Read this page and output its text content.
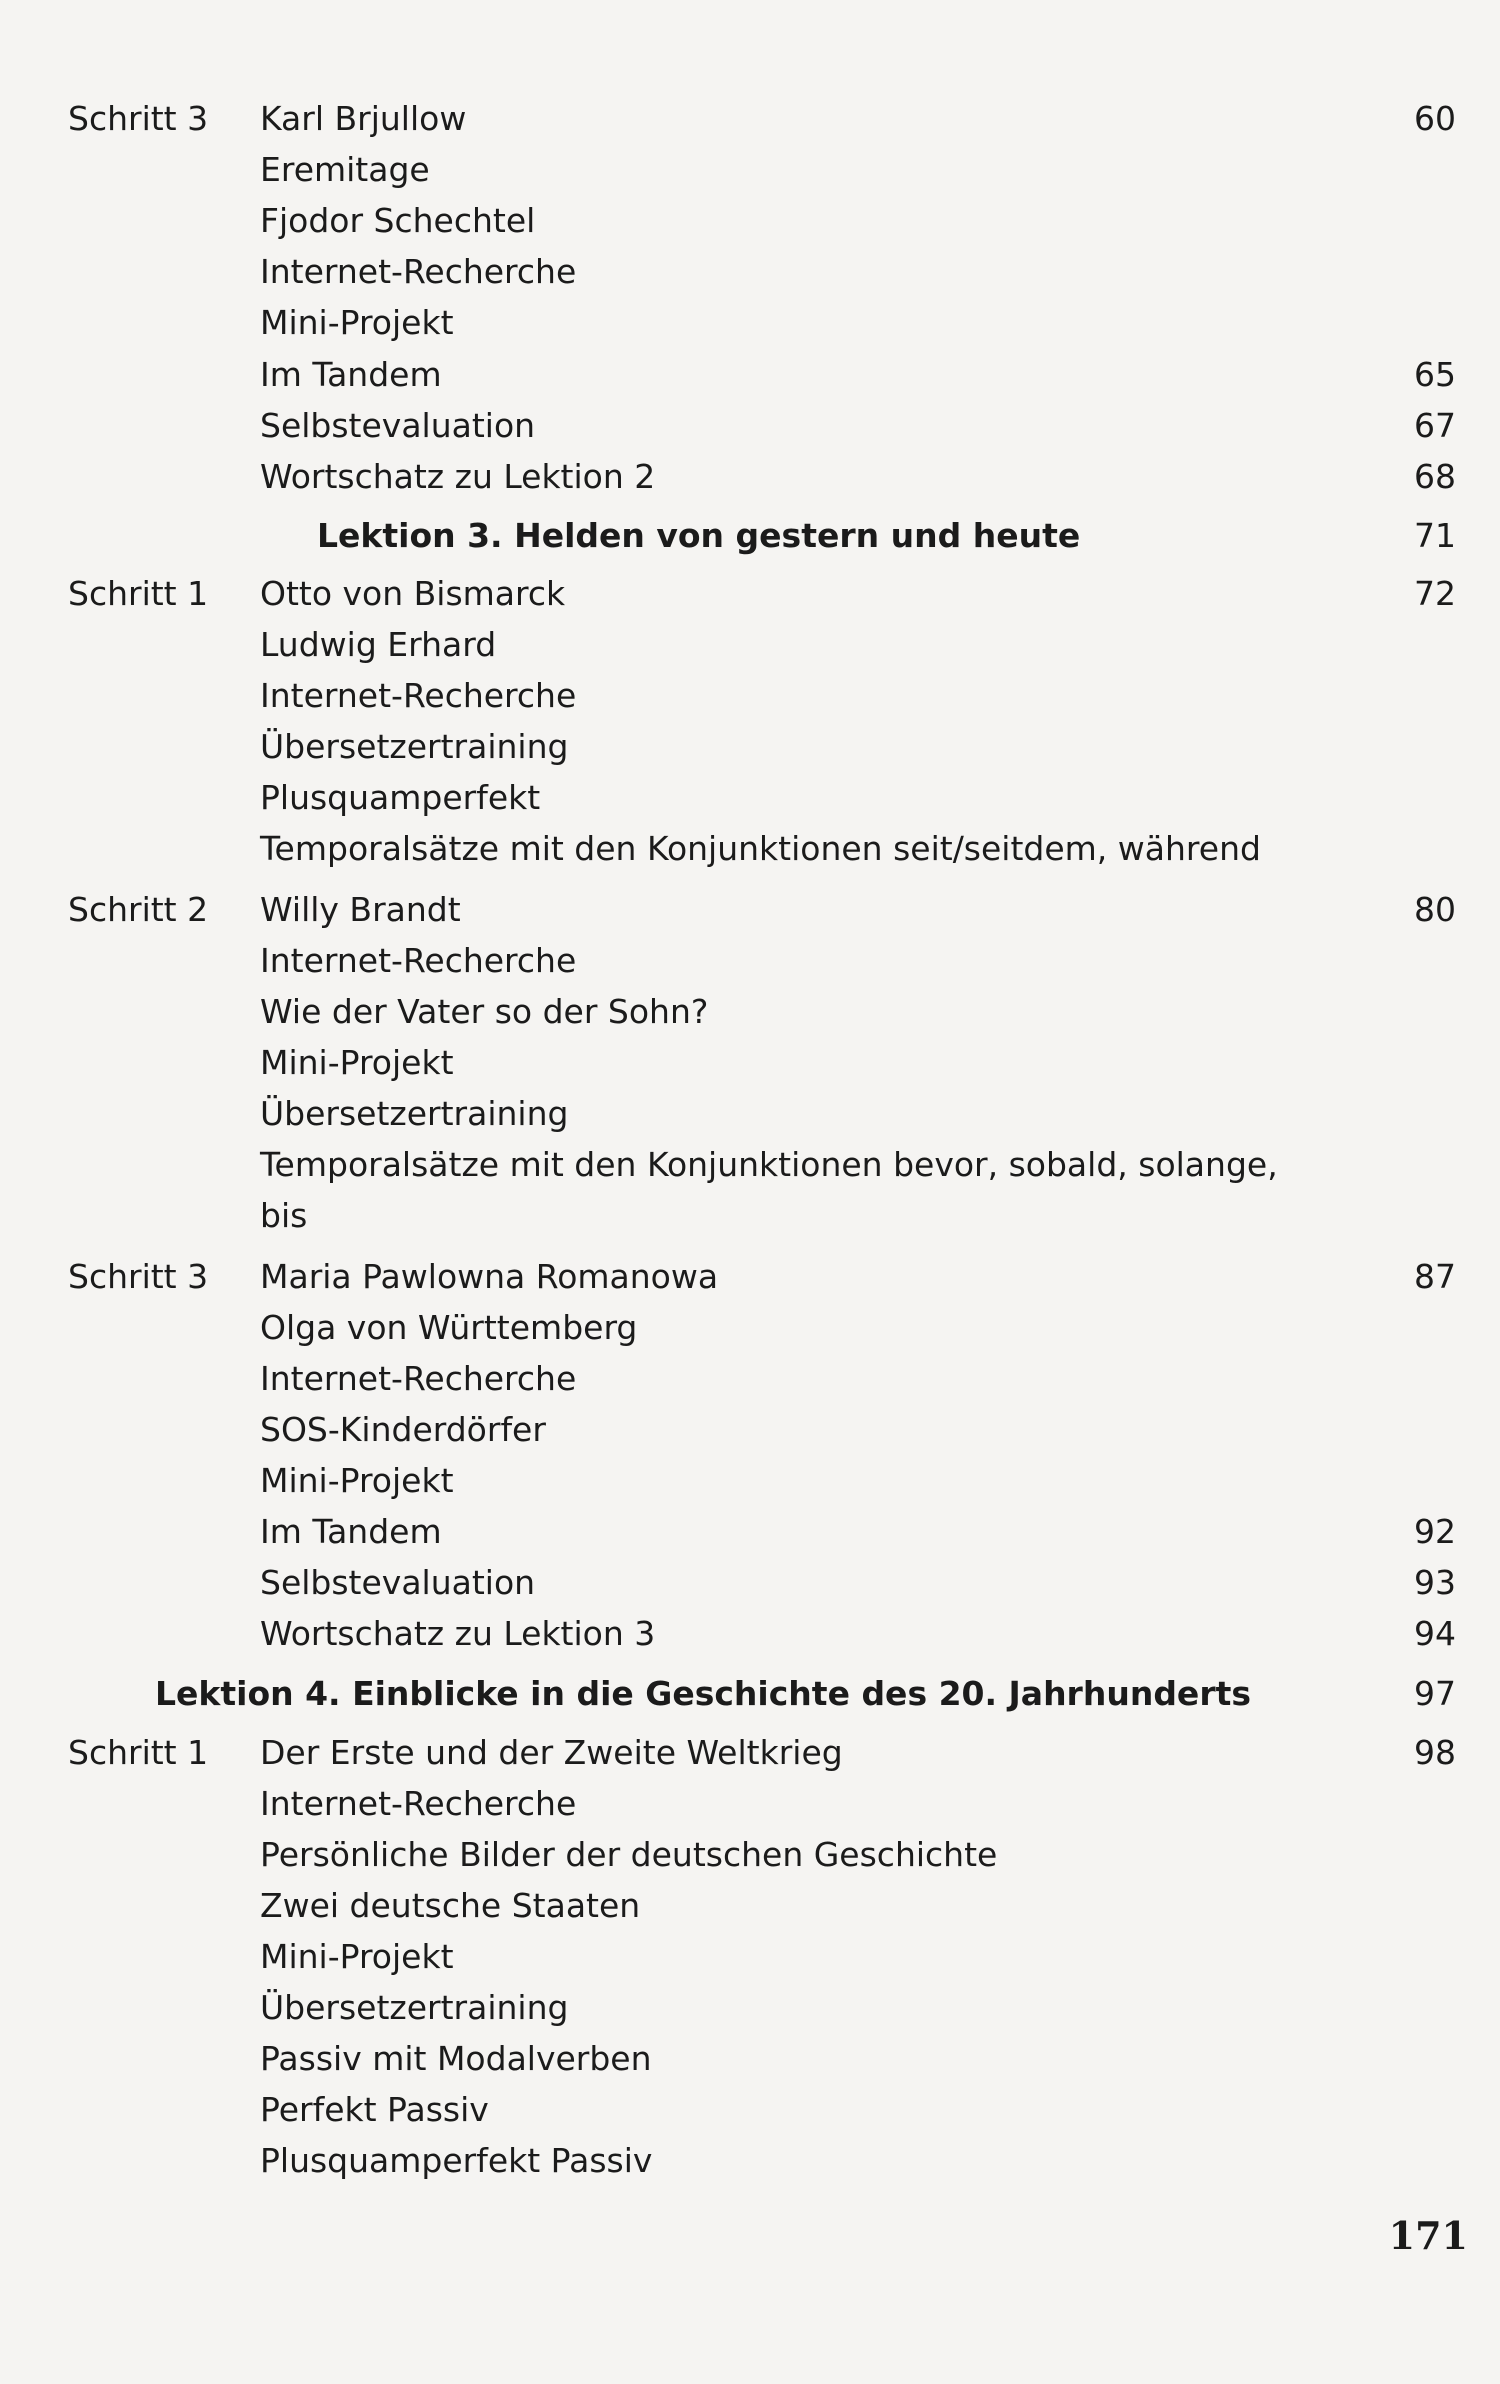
Schritt 3 Karl Brjullow	60
Eremitage
Fjodor Schechtel
Internet-Recherche
Mini-Projekt
Im Tandem	65
Selbstevaluation	67
Wortschatz zu Lektion 2	68
Lektion 3. Helden von gestern und heute	71
Schritt 1 Otto von Bismarck	72
Ludwig Erhard
Internet-Recherche
Übersetzertraining
Plusquamperfekt
Temporalsätze mit den Konjunktionen seit/seitdem, während
Schritt 2 Willy Brandt	80
Internet-Recherche
Wie der Vater so der Sohn?
Mini-Projekt
Übersetzertraining
Temporalsätze mit den Konjunktionen bevor, sobald, solange,
bis
Schritt 3 Maria Pawlowna Romanowa	87
Olga von Württemberg
Internet-Recherche
SOS-Kinderdörfer
Mini-Projekt
Im Tandem	92
Selbstevaluation	93
Wortschatz zu Lektion 3	94
Lektion 4. Einblicke in die Geschichte des 20. Jahrhunderts	97
Schritt 1 Der Erste und der Zweite Weltkrieg	98
Internet-Recherche
Persönliche Bilder der deutschen Geschichte
Zwei deutsche Staaten
Mini-Projekt
Übersetzertraining
Passiv mit Modalverben
Perfekt Passiv
Plusquamperfekt Passiv
171
